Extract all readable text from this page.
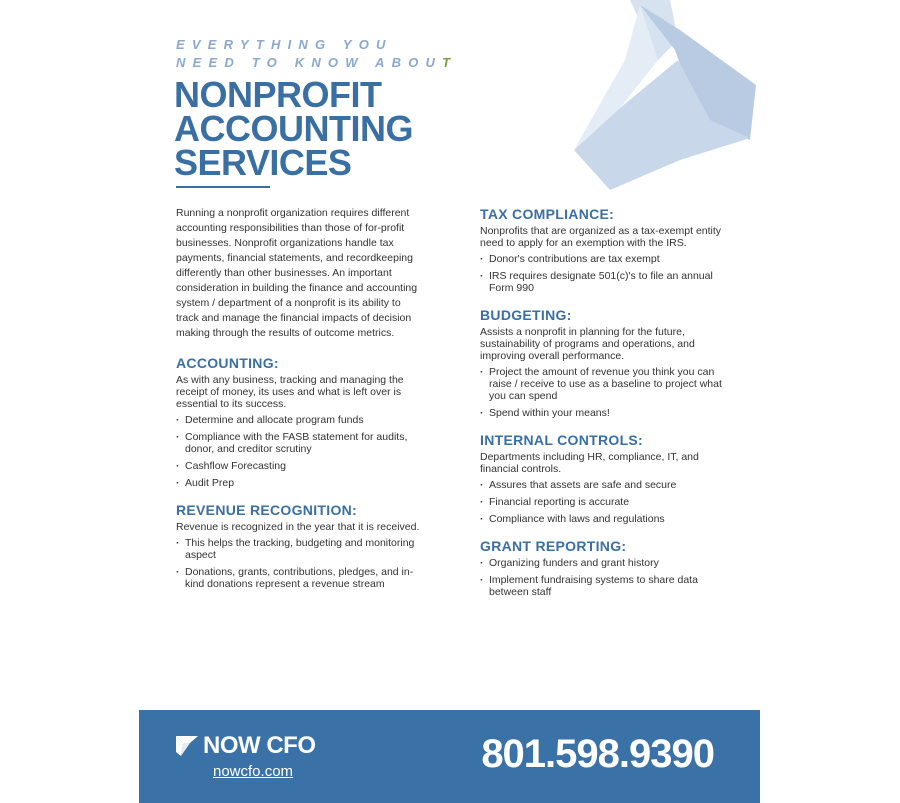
EVERYTHING YOU
NEED TO KNOW ABOUT
NONPROFIT
ACCOUNTING
SERVICES

Running a nonprofit organization requires different accounting responsibilities than those of for-profit businesses. Nonprofit organizations handle tax payments, financial statements, and recordkeeping differently than other businesses. An important consideration in building the finance and accounting system / department of a nonprofit is its ability to track and manage the financial impacts of decision making through the results of outcome metrics.

ACCOUNTING:

As with any business, tracking and managing the receipt of money, its uses and what is left over is essential to its success.

· Determine and allocate program funds
· Compliance with the FASB statement for audits, donor, and creditor scrutiny
· Cashflow Forecasting
· Audit Prep
REVENUE RECOGNITION:

Revenue is recognized in the year that it is received.

· This helps the tracking, budgeting and monitoring aspect
· Donations, grants, contributions, pledges, and in-kind donations represent a revenue stream
TAX COMPLIANCE:

Nonprofits that are organized as a tax-exempt entity need to apply for an exemption with the IRS.

· Donor's contributions are tax exempt
· IRS requires designate 501(c)'s to file an annual Form 990
BUDGETING:

Assists a nonprofit in planning for the future, sustainability of programs and operations, and improving overall performance.

· Project the amount of revenue you think you can raise / receive to use as a baseline to project what you can spend
· Spend within your means!
INTERNAL CONTROLS:

Departments including HR, compliance, IT, and financial controls.

· Assures that assets are safe and secure
· Financial reporting is accurate
· Compliance with laws and regulations
GRANT REPORTING:
· Organizing funders and grant history
· Implement fundraising systems to share data between staff
NOW CFO
nowcfo.com	801.598.9390
